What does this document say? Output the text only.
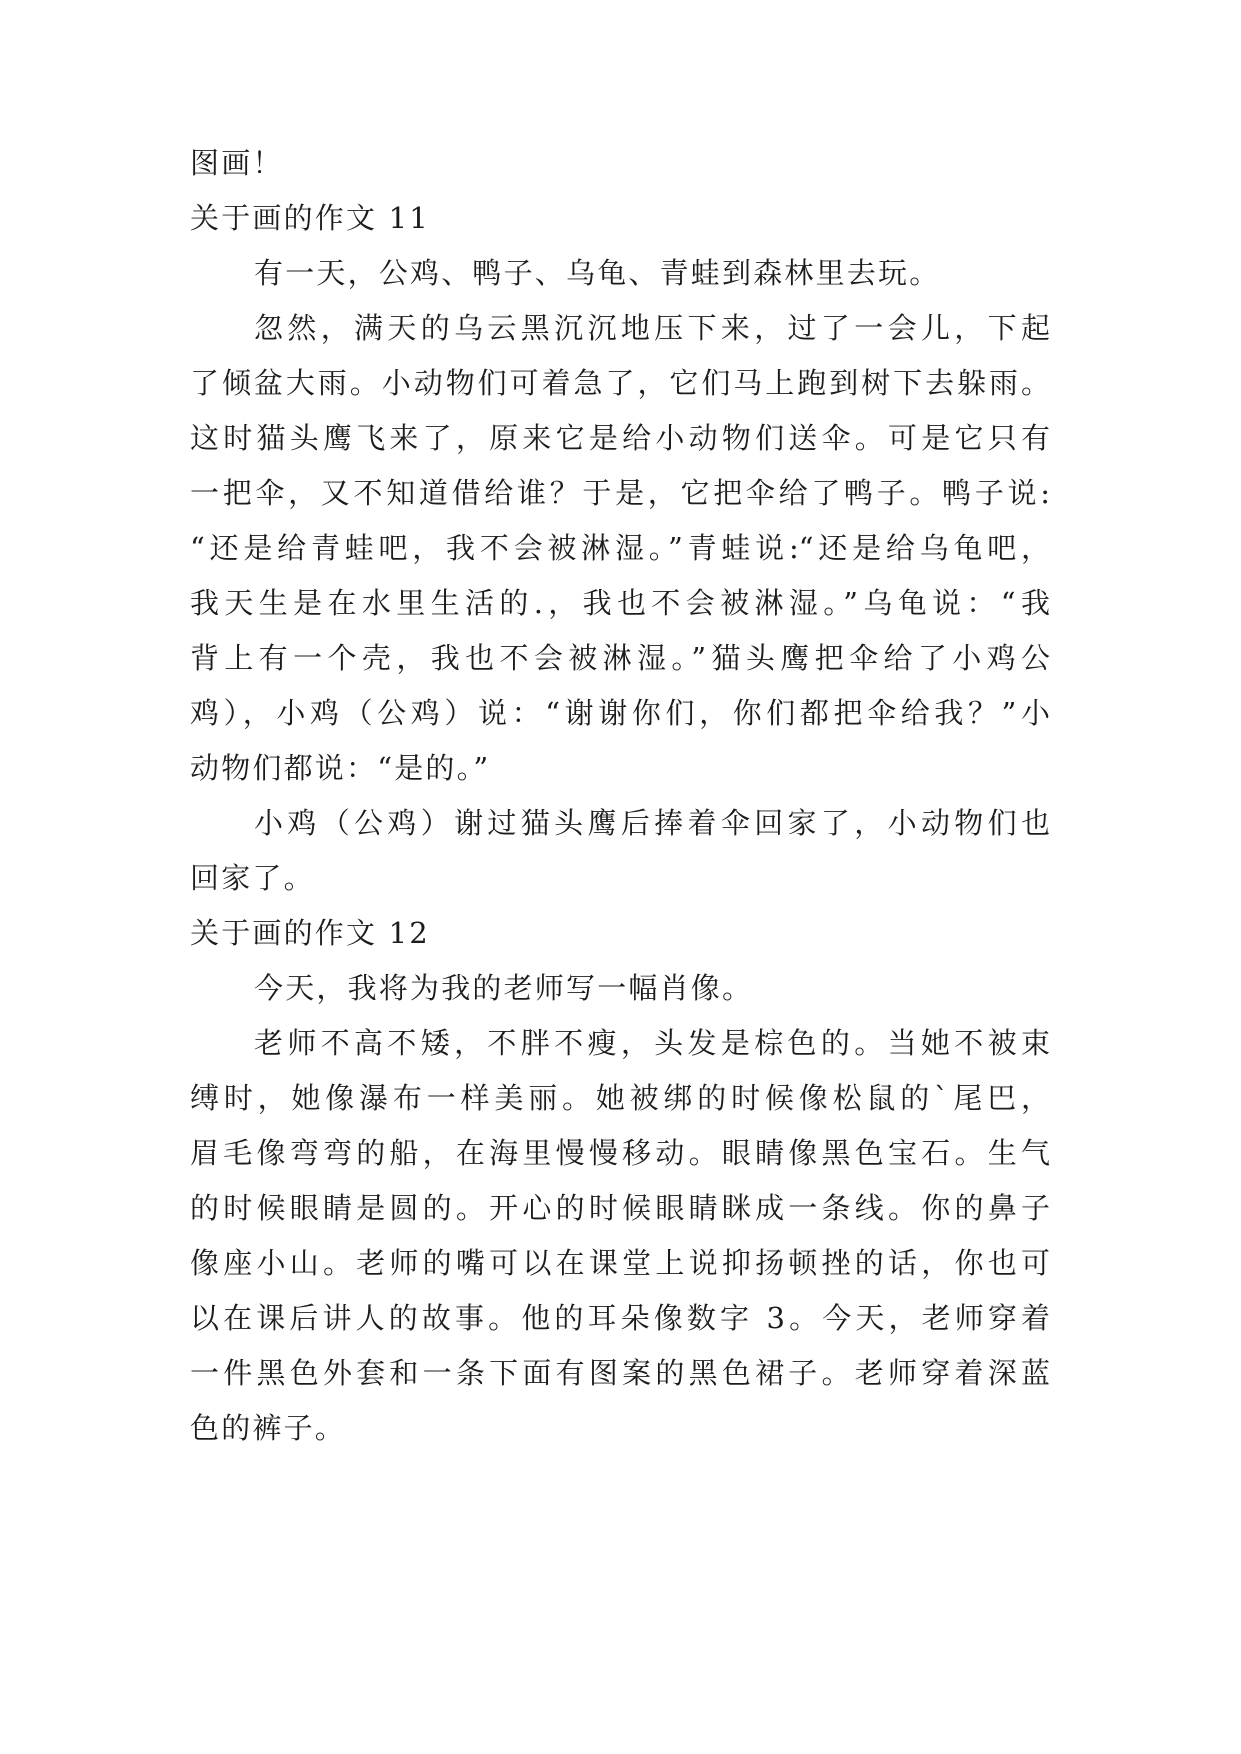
图画！

关于画的作文 11

有一天，公鸡、鸭子、乌龟、青蛙到森林里去玩。

忽然，满天的乌云黑沉沉地压下来，过了一会儿，下起

了倾盆大雨。小动物们可着急了，它们马上跑到树下去躲雨。

这时猫头鹰飞来了，原来它是给小动物们送伞。可是它只有

一把伞，又不知道借给谁？于是，它把伞给了鸭子。鸭子说:

“还是给青蛙吧，我不会被淋湿。”青蛙说:“还是给乌龟吧，

我天生是在水里生活的.，我也不会被淋湿。”乌龟说：“我

背上有一个壳，我也不会被淋湿。”猫头鹰把伞给了小鸡公

鸡），小鸡（公鸡）说：“谢谢你们，你们都把伞给我？”小

动物们都说：“是的。”

小鸡（公鸡）谢过猫头鹰后捧着伞回家了，小动物们也

回家了。

关于画的作文 12

今天，我将为我的老师写一幅肖像。

老师不高不矮，不胖不瘦，头发是棕色的。当她不被束

缚时，她像瀑布一样美丽。她被绑的时候像松鼠的`尾巴，

眉毛像弯弯的船，在海里慢慢移动。眼睛像黑色宝石。生气

的时候眼睛是圆的。开心的时候眼睛眯成一条线。你的鼻子

像座小山。老师的嘴可以在课堂上说抑扬顿挫的话，你也可

以在课后讲人的故事。他的耳朵像数字 3。今天，老师穿着

一件黑色外套和一条下面有图案的黑色裙子。老师穿着深蓝

色的裤子。
